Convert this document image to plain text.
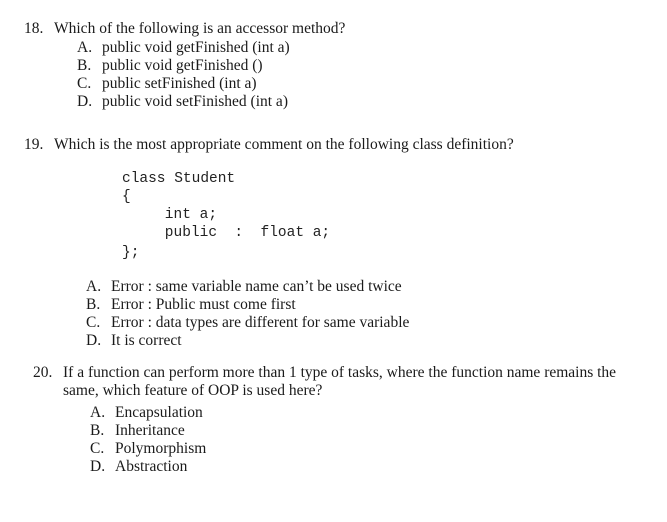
18. Which of the following is an accessor method?
A. public void getFinished (int a)
B. public void getFinished ()
C. public setFinished (int a)
D. public void setFinished (int a)
19. Which is the most appropriate comment on the following class definition?
class Student
{
int a;
public  :  float a;
};
A. Error : same variable name can’t be used twice
B. Error : Public must come first
C. Error : data types are different for same variable
D. It is correct
20. If a function can perform more than 1 type of tasks, where the function name remains the
same, which feature of OOP is used here?
A. Encapsulation
B. Inheritance
C. Polymorphism
D. Abstraction
